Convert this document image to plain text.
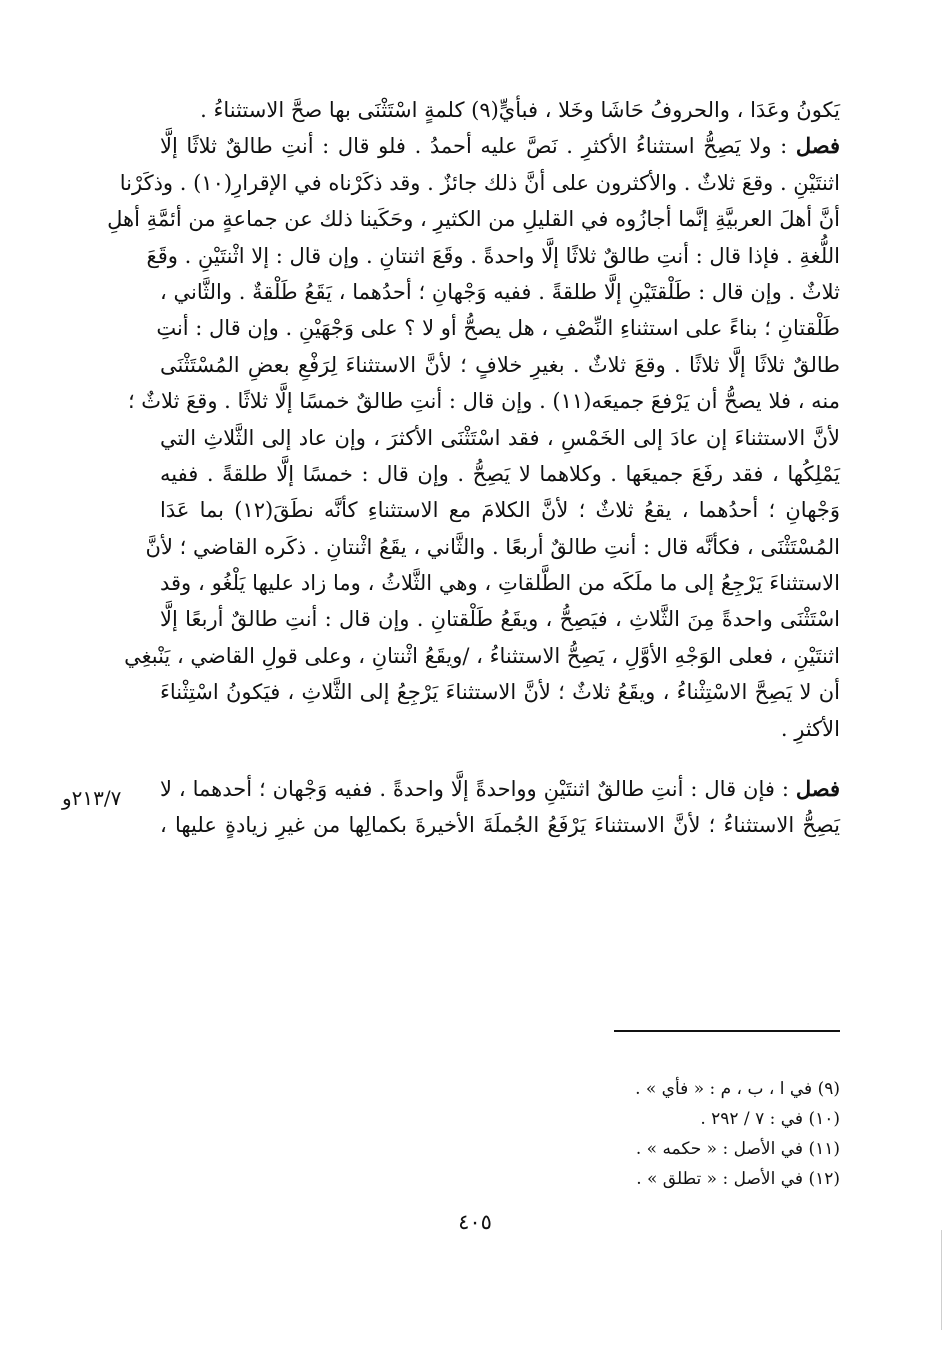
يَكونُ وعَدَا ، والحروفُ حَاشَا وخَلا ، فبأيٍّ(٩) كلمةٍ اسْتَثْنَى بها صحَّ الاستثناءُ .
فصل : ولا يَصِحُّ استثناءُ الأكثرِ . نَصَّ عليه أحمدُ . فلو قال : أنتِ طالقٌ ثلاثًا إلَّا
اثنتَيْنِ . وقعَ ثلاثٌ . والأكثرون على أنَّ ذلك جائزٌ . وقد ذكَرْناه في الإقرارِ(١٠) . وذكَرْنا
أنَّ أهلَ العربيَّةِ إنَّما أجازُوه في القليلِ من الكثيرِ ، وحَكَينا ذلك عن جماعةٍ من أئمَّةِ أهلِ
اللُّغةِ . فإذا قال : أنتِ طالقٌ ثلاثًا إلَّا واحدةً . وقَعَ اثنتانِ . وإن قال : إلا اثْنتَيْنِ . وقَعَ
ثلاثٌ . وإن قال : طَلْقتَيْنِ إلَّا طلقةً . ففيه وَجْهانِ ؛ أحدُهما ، يَقَعُ طَلْقةٌ . والثَّاني ،
طَلْقتانِ ؛ بناءً على استثناءِ النِّصْفِ ، هل يصحُّ أو لا ؟ على وَجْهَيْنِ . وإن قال : أنتِ
طالقٌ ثلاثًا إلَّا ثلاثًا . وقعَ ثلاثٌ . بغيرِ خلافٍ ؛ لأنَّ الاستثناءَ لِرَفْعِ بعضِ المُسْتَثْنَى
منه ، فلا يصحُّ أن يَرْفعَ جميعَه(١١) . وإن قال : أنتِ طالقٌ خمسًا إلَّا ثلاثًا . وقعَ ثلاثٌ ؛
لأنَّ الاستثناءَ إن عادَ إلى الخَمْسِ ، فقد اسْتَثْنَى الأكثرَ ، وإن عاد إلى الثَّلاثِ التي
يَمْلِكُها ، فقد رفَعَ جميعَها . وكلاهما لا يَصِحُّ . وإن قال : خمسًا إلَّا طلقةً . ففيه
وَجْهانِ ؛ أحدُهما ، يقعُ ثلاثٌ ؛ لأنَّ الكلامَ مع الاستثناءِ كأنَّه نطَقَ(١٢) بما عَدَا
المُسْتَثْنَى ، فكأنَّه قال : أنتِ طالقٌ أربعًا . والثَّاني ، يقَعُ اثْنتانِ . ذكَره القاضي ؛ لأنَّ
الاستثناءَ يَرْجِعُ إلى ما ملَكَه من الطَّلقاتِ ، وهي الثَّلاثُ ، وما زاد عليها يَلْغُو ، وقد
اسْتَثْنَى واحدةً مِنَ الثَّلاثِ ، فيَصِحُّ ، ويقَعُ طَلْقتانِ . وإن قال : أنتِ طالقٌ أربعًا إلَّا
اثنتَيْنِ ، فعلى الوَجْهِ الأوَّلِ ، يَصِحُّ الاستثناءُ ، /ويقَعُ اثْنتانِ ، وعلى قولِ القاضي ، يَنْبغِي
أن لا يَصِحَّ الاسْتِثْناءُ ، ويقَعُ ثلاثٌ ؛ لأنَّ الاستثناءَ يَرْجِعُ إلى الثَّلاثِ ، فيَكونُ اسْتِثْناءَ
الأكثرِ .
فصل : فإن قال : أنتِ طالقٌ اثنتَيْنِ وواحدةً إلَّا واحدةً . ففيه وَجْهان ؛ أحدهما ، لا
يَصِحُّ الاستثناءُ ؛ لأنَّ الاستثناءَ يَرْفَعُ الجُملَةَ الأخيرةَ بكمالِها من غيرِ زيادةٍ عليها ،
٢١٣/٧و
(٩) في ا ، ب ، م : « فأي » .
(١٠) في : ٧ / ٢٩٢ .
(١١) في الأصل : « حكمه » .
(١٢) في الأصل : « تطلق » .
٤٠٥
